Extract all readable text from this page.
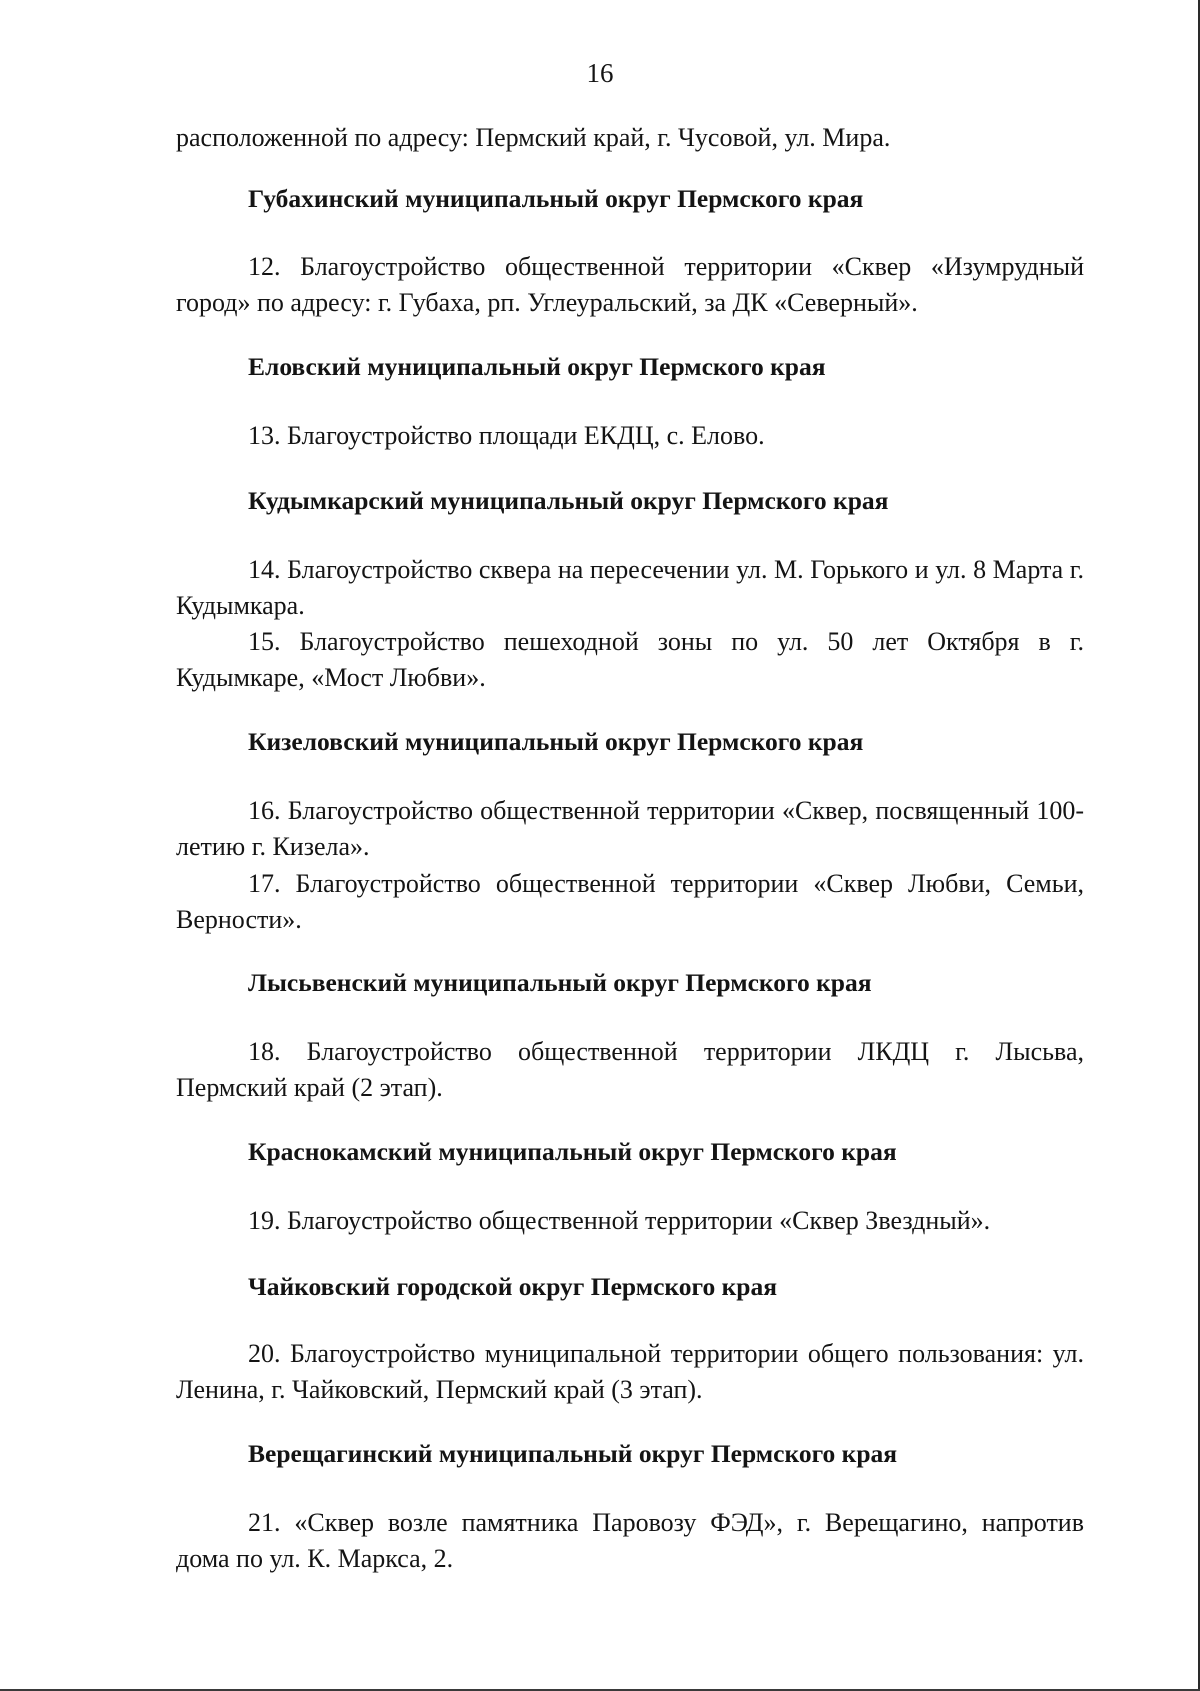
16
расположенной по адресу: Пермский край, г. Чусовой, ул. Мира.
Губахинский муниципальный округ Пермского края
12. Благоустройство общественной территории «Сквер «Изумрудный город» по адресу: г. Губаха, рп. Углеуральский, за ДК «Северный».
Еловский муниципальный округ Пермского края
13. Благоустройство площади ЕКДЦ, с. Елово.
Кудымкарский муниципальный округ Пермского края
14. Благоустройство сквера на пересечении ул. М. Горького и ул. 8 Марта г. Кудымкара.
15. Благоустройство пешеходной зоны по ул. 50 лет Октября в г. Кудымкаре, «Мост Любви».
Кизеловский муниципальный округ Пермского края
16. Благоустройство общественной территории «Сквер, посвященный 100-летию г. Кизела».
17. Благоустройство общественной территории «Сквер Любви, Семьи, Верности».
Лысьвенский муниципальный округ Пермского края
18. Благоустройство общественной территории ЛКДЦ г. Лысьва, Пермский край (2 этап).
Краснокамский муниципальный округ Пермского края
19. Благоустройство общественной территории «Сквер Звездный».
Чайковский городской округ Пермского края
20. Благоустройство муниципальной территории общего пользования: ул. Ленина, г. Чайковский, Пермский край (3 этап).
Верещагинский муниципальный округ Пермского края
21. «Сквер возле памятника Паровозу ФЭД», г. Верещагино, напротив дома по ул. К. Маркса, 2.
